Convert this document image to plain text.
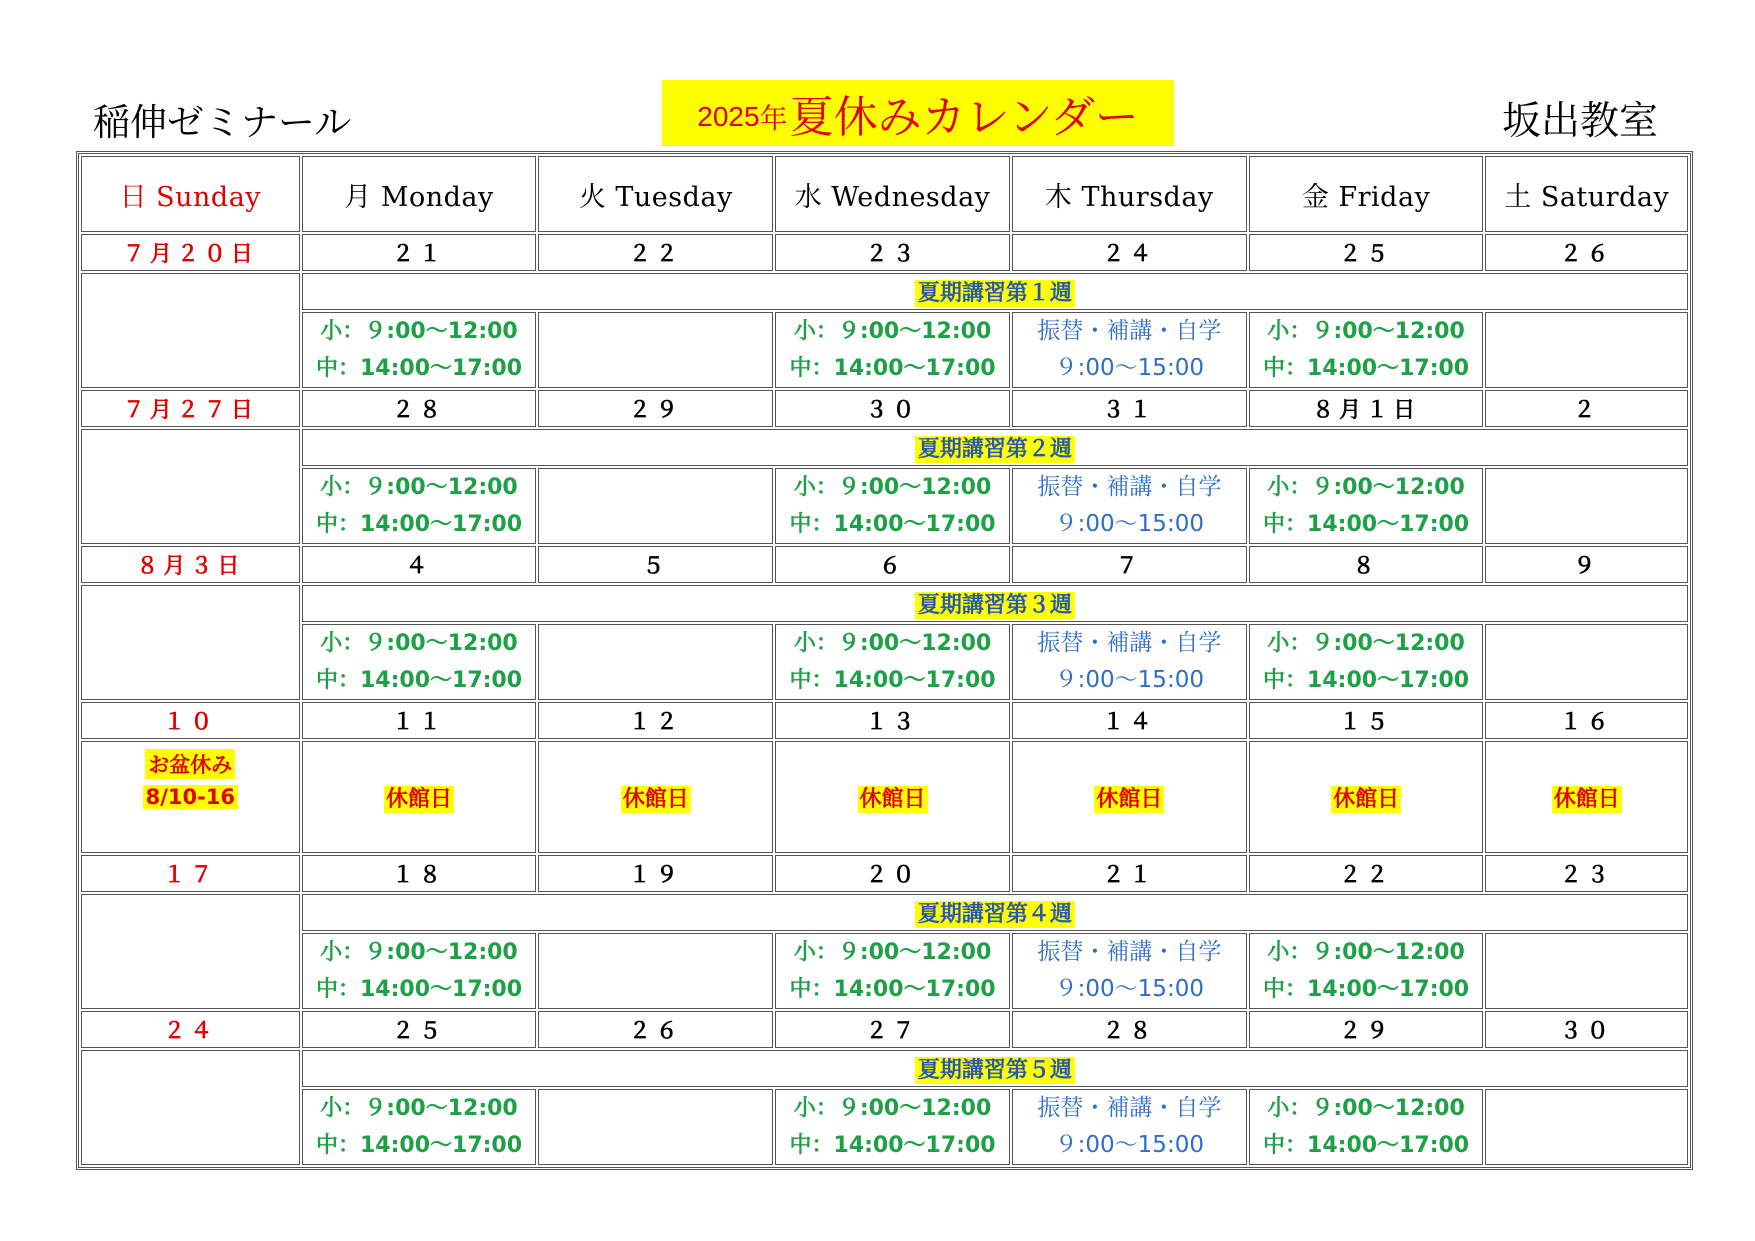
稲伸ゼミナール	2025 年 夏休みカレンダー	坂出教室
日 Sunday	月 Monday	火 Tuesday	水 Wednesday	木 Thursday	金 Friday	土 Saturday
７月２０日	２１	２２	２３	２４	２５	２６
	夏期講習第１週					

	小：９:00～12:00
中：14:00～17:00		小：９:00～12:00
中：14:00～17:00	振替・補講・自学
９:00～15:00	小：９:00～12:00
中：14:00～17:00	

７月２７日	２８	２９	３０	３１	８月１日	２
	夏期講習第２週					

	小：９:00～12:00
中：14:00～17:00		小：９:00～12:00
中：14:00～17:00	振替・補講・自学
９:00～15:00	小：９:00～12:00
中：14:00～17:00	

８月３日	４	５	６	７	８	９
	夏期講習第３週					

	小：９:00～12:00
中：14:00～17:00		小：９:00～12:00
中：14:00～17:00	振替・補講・自学
９:00～15:00	小：９:00～12:00
中：14:00～17:00	

１０	１１	１２	１３	１４	１５	１６

お盆休み
8/10-16	休館日	休館日	休館日	休館日	休館日	休館日
１７	１８	１９	２０	２１	２２	２３
	夏期講習第４週					

	小：９:00～12:00
中：14:00～17:00		小：９:00～12:00
中：14:00～17:00	振替・補講・自学
９:00～15:00	小：９:00～12:00
中：14:00～17:00	

２４	２５	２６	２７	２８	２９	３０
	夏期講習第５週					

	小：９:00～12:00
中：14:00～17:00		小：９:00～12:00
中：14:00～17:00	振替・補講・自学
９:00～15:00	小：９:00～12:00
中：14:00～17:00	
